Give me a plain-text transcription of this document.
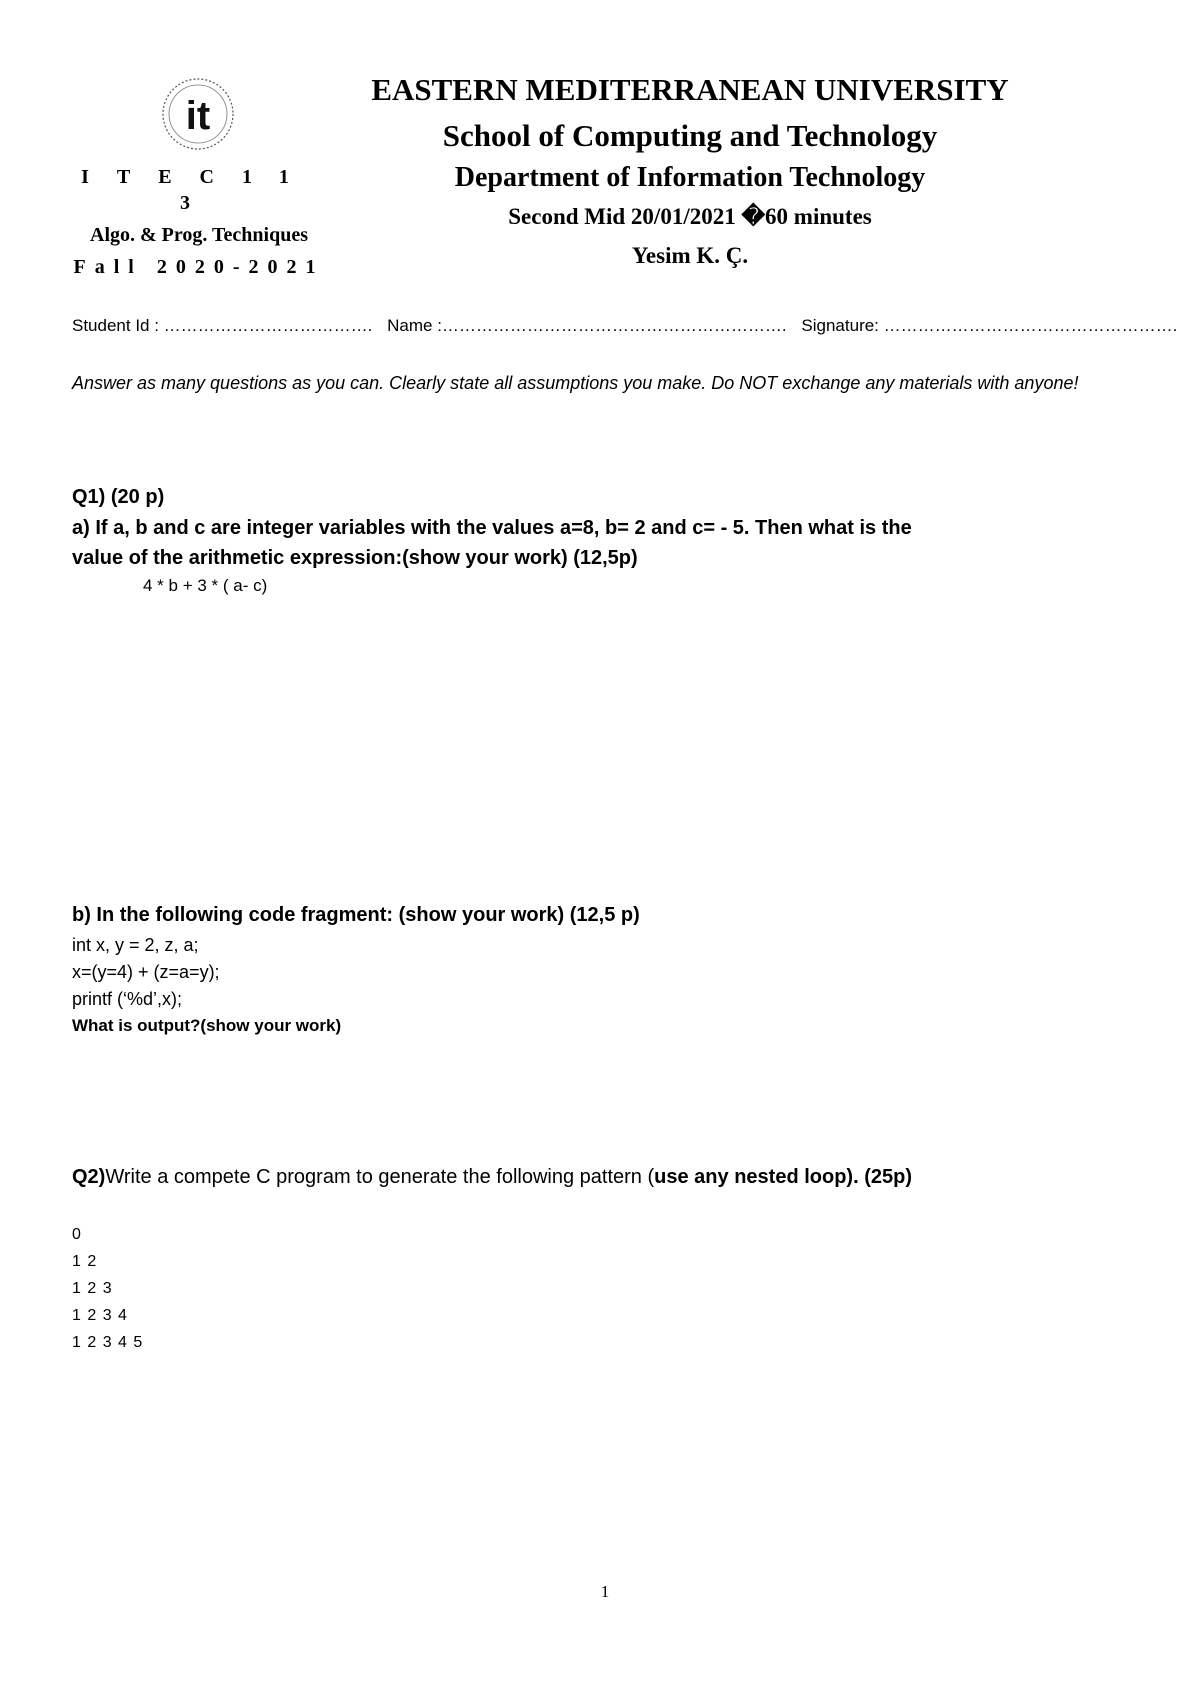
it
ITEC113
Algo. & Prog. Techniques
Fall 2020-2021
EASTERN MEDITERRANEAN UNIVERSITY
School of Computing and Technology
Department of Information Technology
Second Mid 20/01/2021 �60 minutes
Yesim K. Ç.
Student Id : ………………………………. Name :……………………………………………………. Signature: …………………………………………….
Answer as many questions as you can. Clearly state all assumptions you make. Do NOT exchange any materials with anyone!
Q1) (20 p)
a) If a, b and c are integer variables with the values a=8, b= 2 and c= - 5. Then what is the
value of the arithmetic expression:(show your work) (12,5p)
4 * b + 3 * ( a- c)
b) In the following code fragment: (show your work) (12,5 p)
int x, y = 2, z, a;
x=(y=4) + (z=a=y);
printf (‘%d’,x);
What is output?(show your work)
Q2)Write a compete C program to generate the following pattern (use any nested loop). (25p)
0
1 2
1 2 3
1 2 3 4
1 2 3 4 5
1
